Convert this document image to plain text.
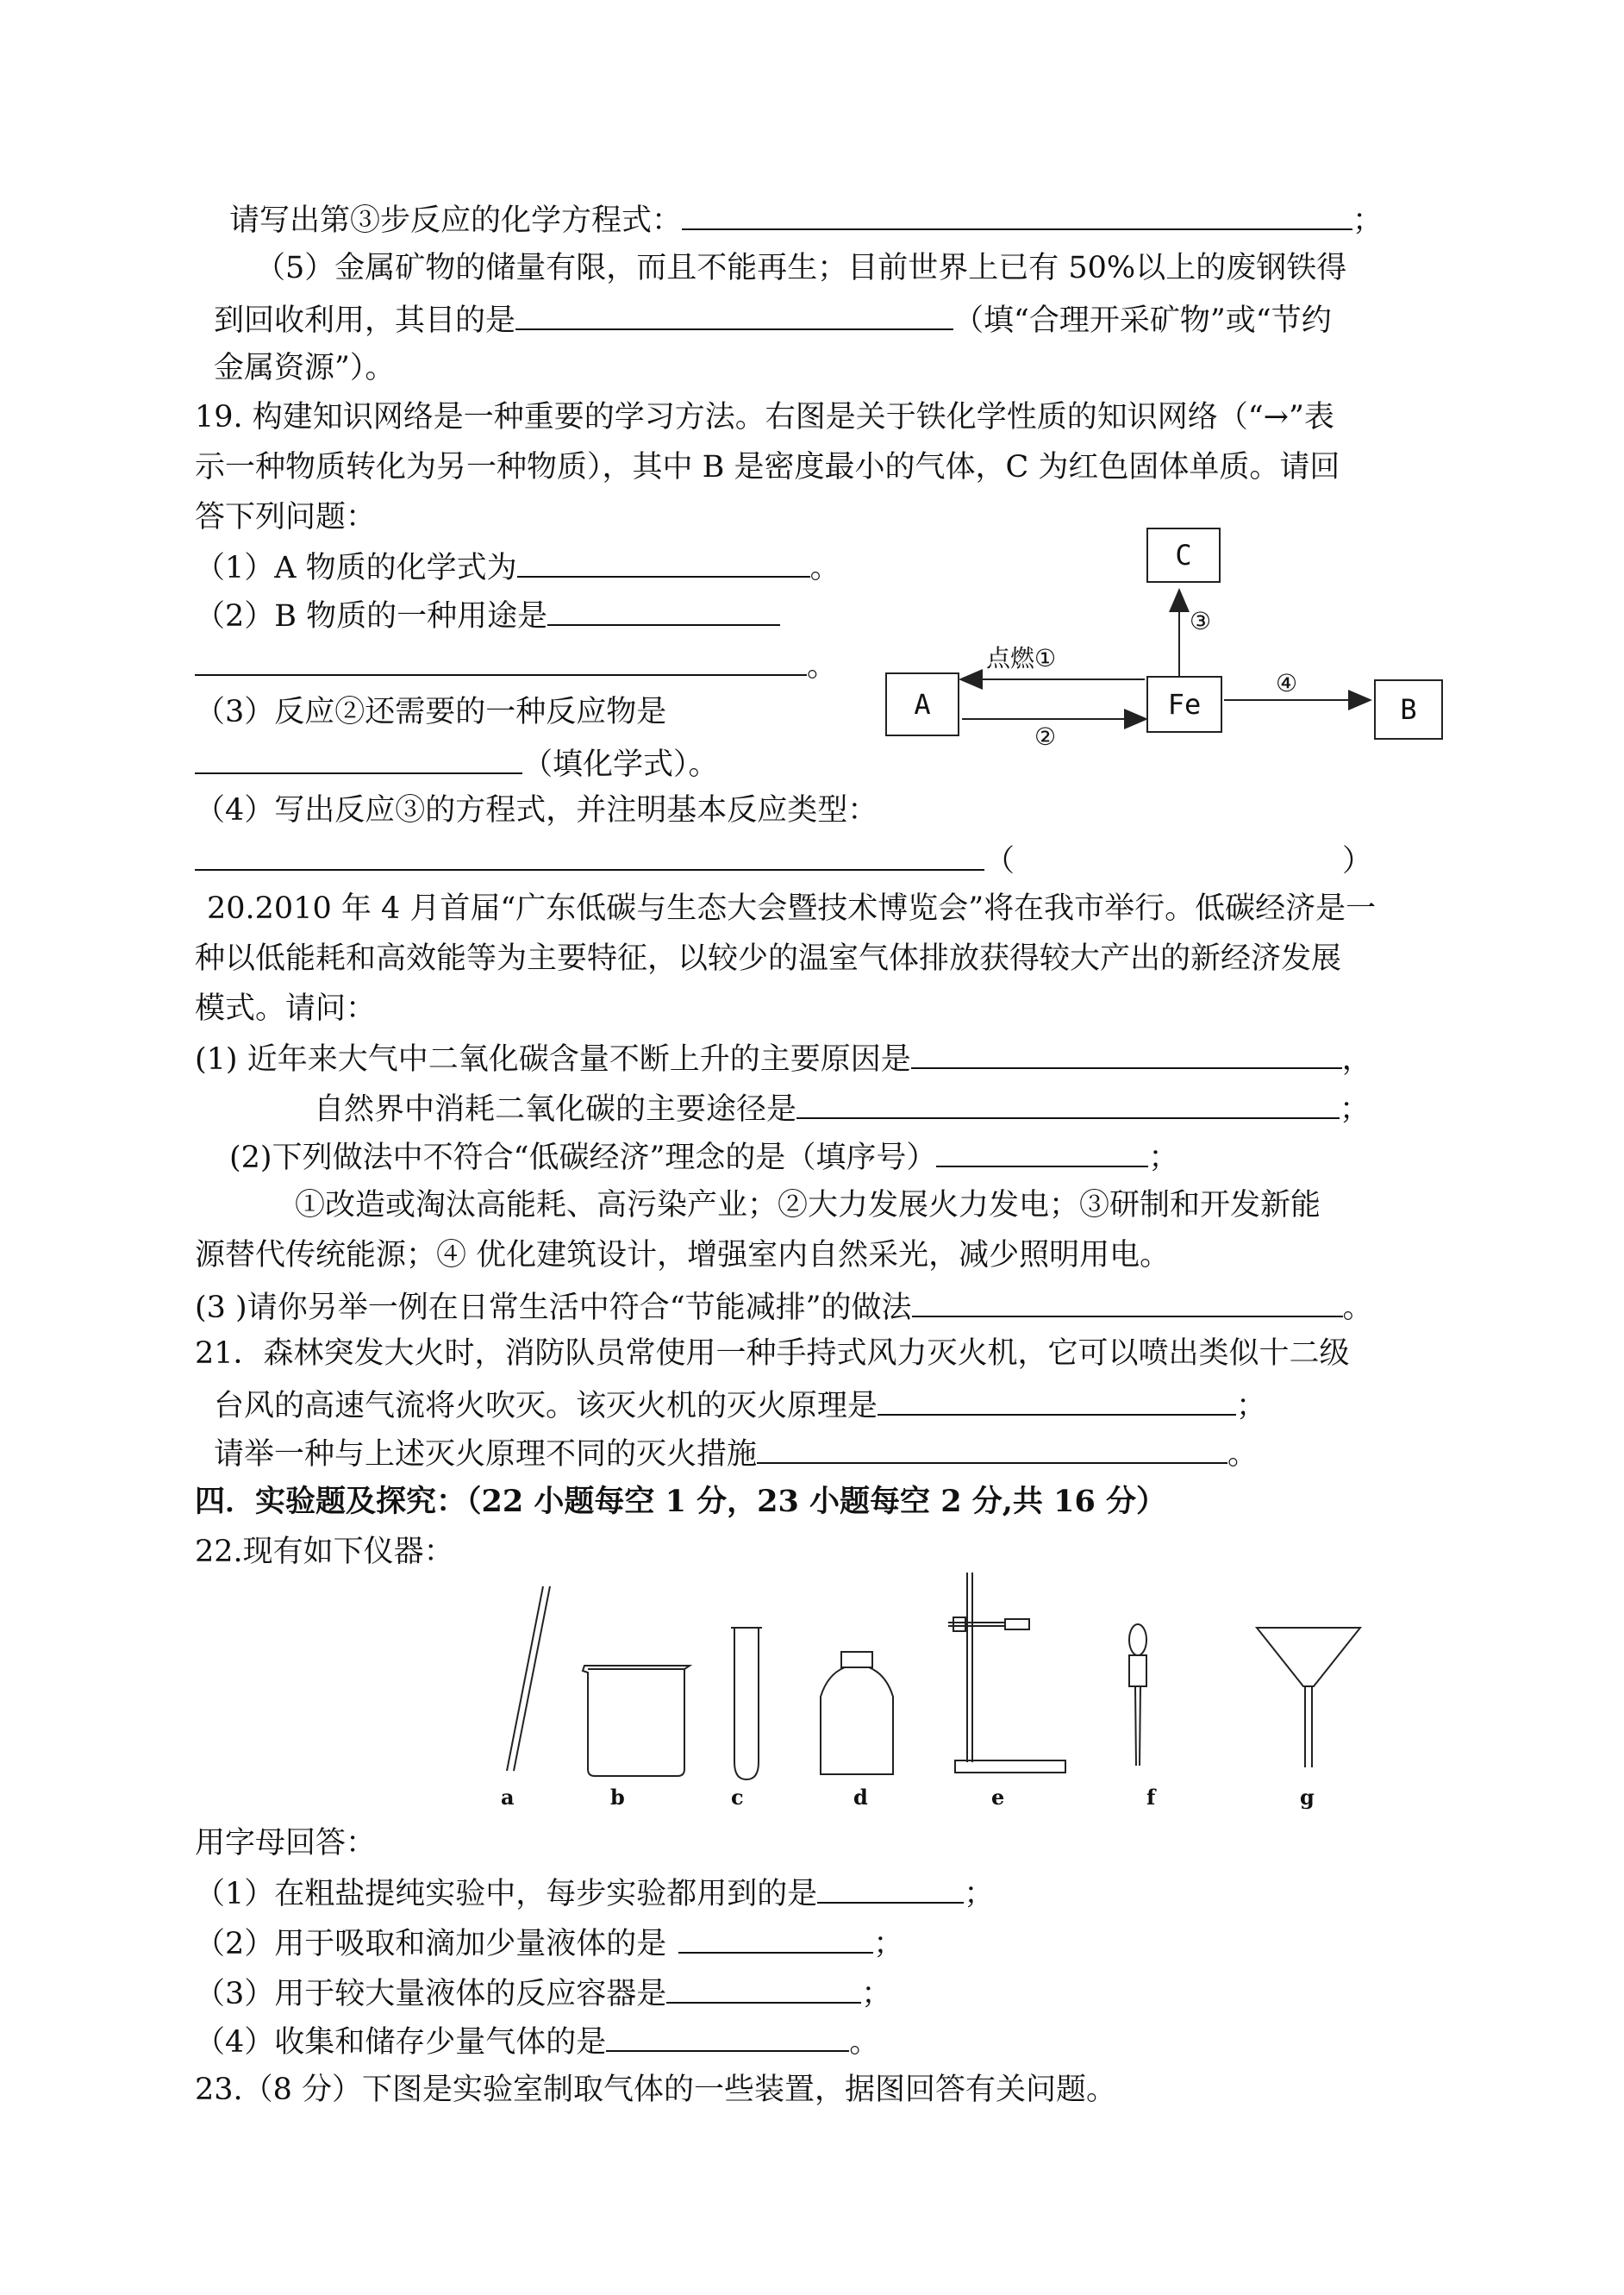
请写出第③步反应的化学方程式：	；
（5）金属矿物的储量有限，而且不能再生；目前世界上已有 50%以上的废钢铁得
到回收利用，其目的是	（填“合理开采矿物”或“节约
金属资源”）。
19. 构建知识网络是一种重要的学习方法。右图是关于铁化学性质的知识网络（“→”表
示一种物质转化为另一种物质），其中 B 是密度最小的气体，C 为红色固体单质。请回
答下列问题：
（1）A 物质的化学式为	。
（2）B 物质的一种用途是
。
（3）反应②还需要的一种反应物是
（填化学式）。
（4）写出反应③的方程式，并注明基本反应类型：
（	）
C
A	Fe	B
点燃①
②
③
④
20.2010 年 4 月首届“广东低碳与生态大会暨技术博览会”将在我市举行。低碳经济是一
种以低能耗和高效能等为主要特征，以较少的温室气体排放获得较大产出的新经济发展
模式。请问：
(1) 近年来大气中二氧化碳含量不断上升的主要原因是	，
自然界中消耗二氧化碳的主要途径是	；
(2)下列做法中不符合“低碳经济”理念的是（填序号）	；
①改造或淘汰高能耗、高污染产业；②大力发展火力发电；③研制和开发新能
源替代传统能源；④ 优化建筑设计，增强室内自然采光，减少照明用电。
(3 )请你另举一例在日常生活中符合“节能减排”的做法	。
21．森林突发大火时，消防队员常使用一种手持式风力灭火机，它可以喷出类似十二级
台风的高速气流将火吹灭。该灭火机的灭火原理是	；
请举一种与上述灭火原理不同的灭火措施	。
四．实验题及探究：（22 小题每空 1 分，23 小题每空 2 分,共 16 分）
22.现有如下仪器：
a	b	c	d	e	f	g
用字母回答：
（1）在粗盐提纯实验中，每步实验都用到的是	；
（2）用于吸取和滴加少量液体的是	；
（3）用于较大量液体的反应容器是	；
（4）收集和储存少量气体的是	。
23.（8 分）下图是实验室制取气体的一些装置，据图回答有关问题。
